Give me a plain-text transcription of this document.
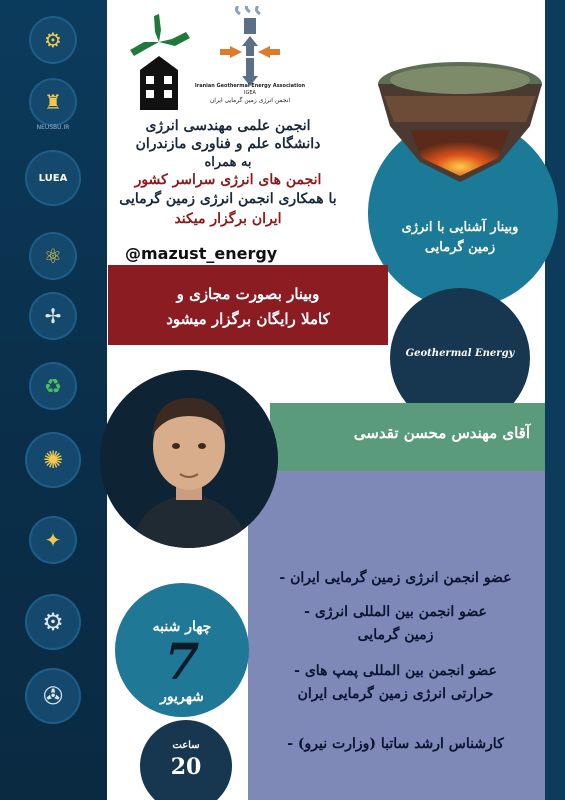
⚙
♜
NEUSBU.IR
LUEA
⚛
✢
♻
✺
✦
⚙
✇
Iranian Geothermal Energy Association
IGEA
انجمن انرژی زمین گرمایی ایران
انجمن علمی مهندسی انرژی
دانشگاه علم و فناوری مازندران
به همراه
انجمن های انرژی سراسر کشور
با همکاری انجمن انرژی زمین گرمایی
ایران برگزار میکند
@mazust_energy
وبینار آشنایی با انرژی
زمین گرمایی
وبینار بصورت مجازی و
کاملا رایگان برگزار میشود
Geothermal Energy
آقای مهندس محسن تقدسی
عضو انجمن انرژی زمین گرمایی ایران -
عضو انجمن بین المللی انرژی -
زمین گرمایی
عضو انجمن بین المللی پمپ های -
حرارتی انرژی زمین گرمایی ایران
کارشناس ارشد ساتبا (وزارت نیرو) -
چهار شنبه
7
شهریور
ساعت
20
